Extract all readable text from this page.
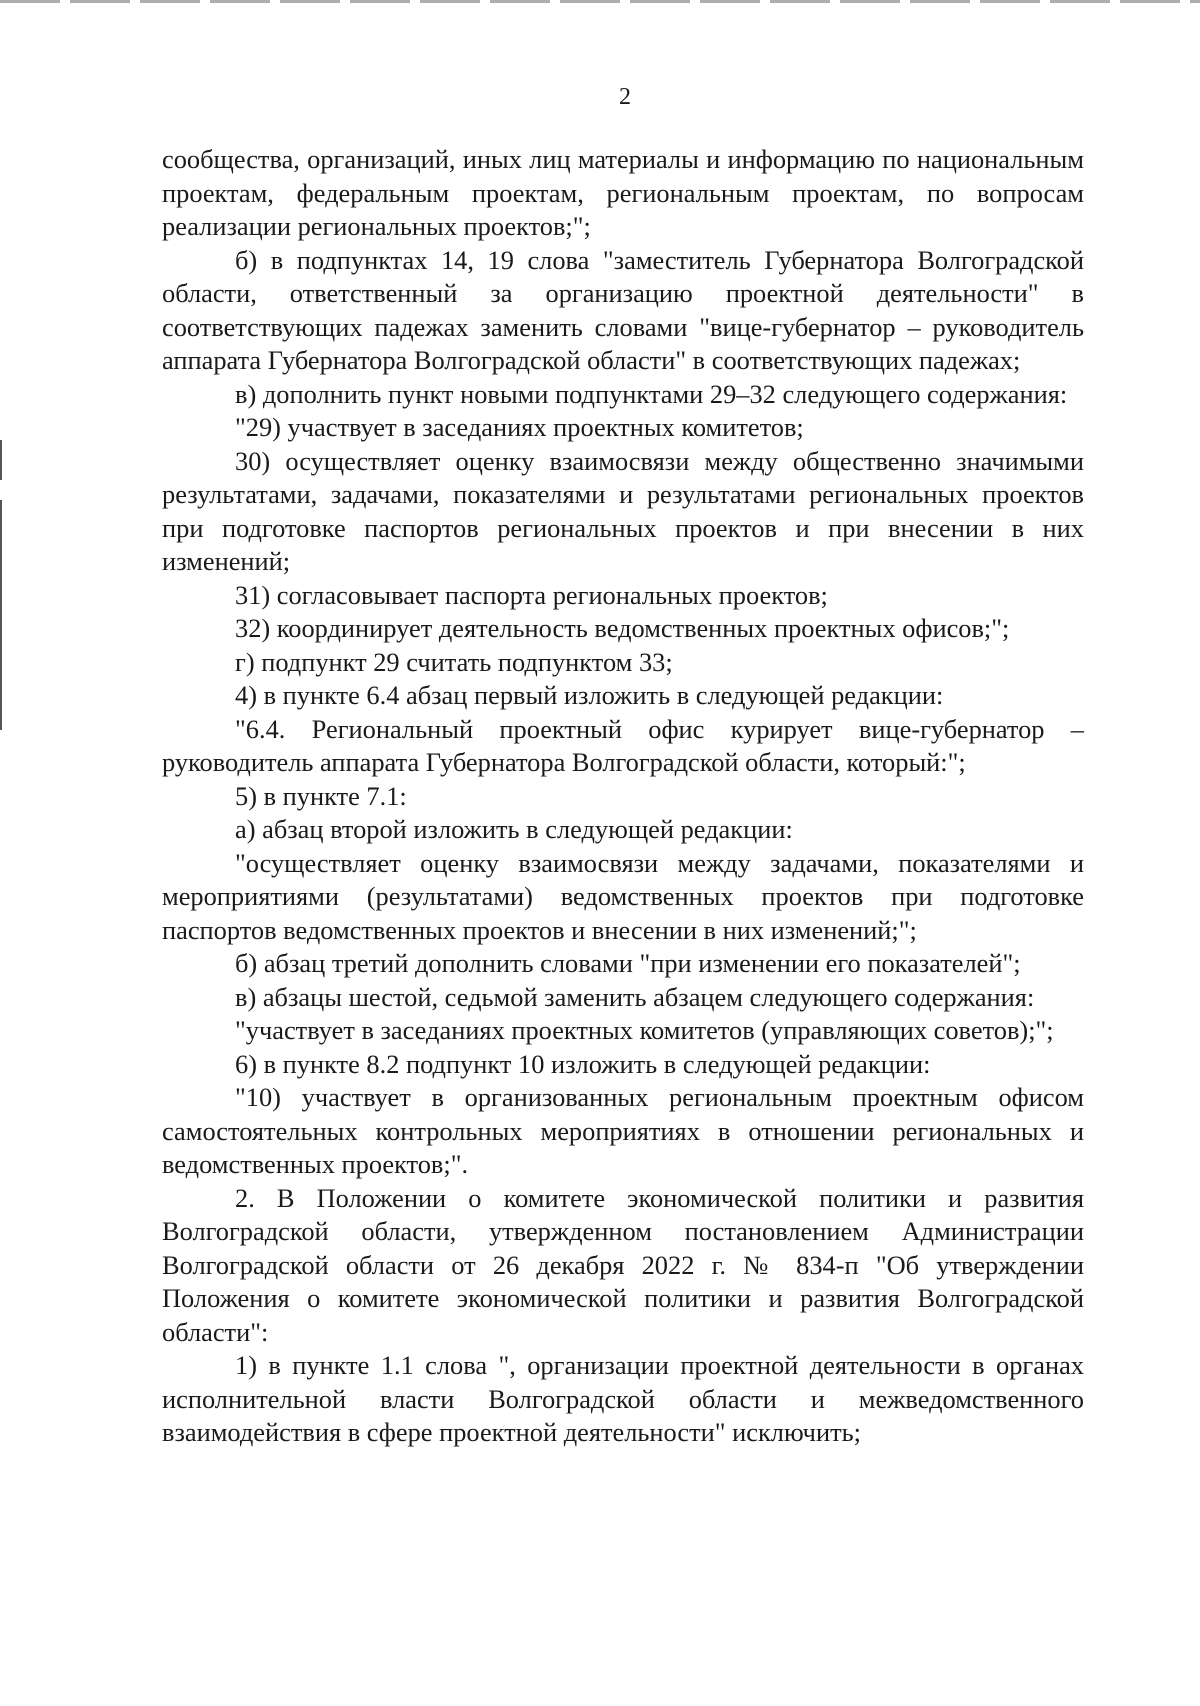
2

сообщества, организаций, иных лиц материалы и информацию по национальным проектам, федеральным проектам, региональным проектам, по вопросам реализации региональных проектов;";

б) в подпунктах 14, 19 слова "заместитель Губернатора Волгоградской области, ответственный за организацию проектной деятельности" в соответствующих падежах заменить словами "вице-губернатор – руководитель аппарата Губернатора Волгоградской области" в соответствующих падежах;

в) дополнить пункт новыми подпунктами 29–32 следующего содержания:

"29) участвует в заседаниях проектных комитетов;

30) осуществляет оценку взаимосвязи между общественно значимыми результатами, задачами, показателями и результатами региональных проектов при подготовке паспортов региональных проектов и при внесении в них изменений;

31) согласовывает паспорта региональных проектов;

32) координирует деятельность ведомственных проектных офисов;";

г) подпункт 29 считать подпунктом 33;

4) в пункте 6.4 абзац первый изложить в следующей редакции:

"6.4. Региональный проектный офис курирует вице-губернатор – руководитель аппарата Губернатора Волгоградской области, который:";

5) в пункте 7.1:

а) абзац второй изложить в следующей редакции:

"осуществляет оценку взаимосвязи между задачами, показателями и мероприятиями (результатами) ведомственных проектов при подготовке паспортов ведомственных проектов и внесении в них изменений;";

б) абзац третий дополнить словами "при изменении его показателей";

в) абзацы шестой, седьмой заменить абзацем следующего содержания:

"участвует в заседаниях проектных комитетов (управляющих советов);";

6) в пункте 8.2 подпункт 10 изложить в следующей редакции:

"10) участвует в организованных региональным проектным офисом самостоятельных контрольных мероприятиях в отношении региональных и ведомственных проектов;".

2. В Положении о комитете экономической политики и развития Волгоградской области, утвержденном постановлением Администрации Волгоградской области от 26 декабря 2022 г. № 834-п "Об утверждении Положения о комитете экономической политики и развития Волгоградской области":

1) в пункте 1.1 слова ", организации проектной деятельности в органах исполнительной власти Волгоградской области и межведомственного взаимодействия в сфере проектной деятельности" исключить;
